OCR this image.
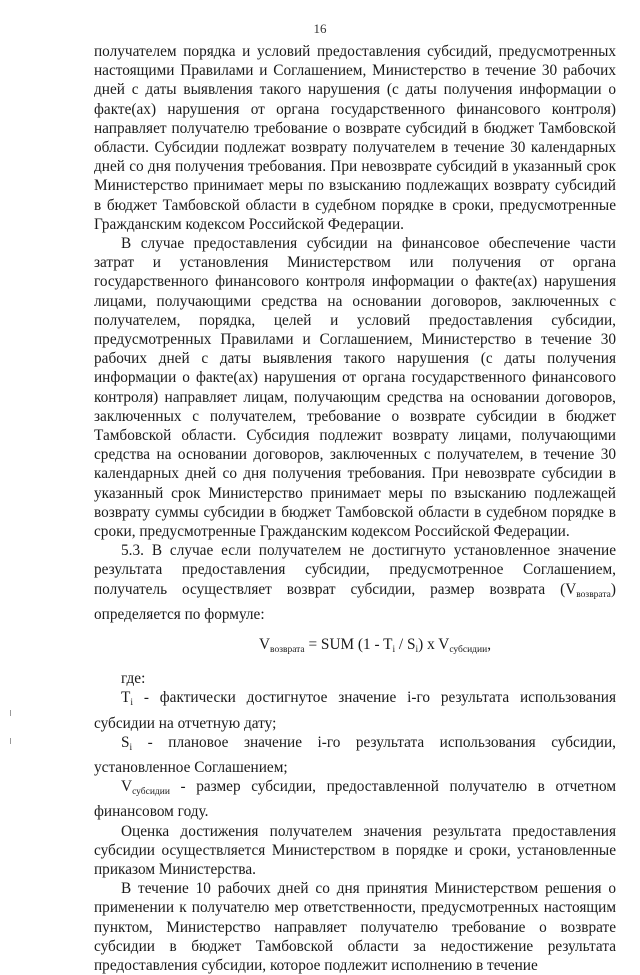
16

получателем порядка и условий предоставления субсидий, предусмотренных настоящими Правилами и Соглашением, Министерство в течение 30 рабочих дней с даты выявления такого нарушения (с даты получения информации о факте(ах) нарушения от органа государственного финансового контроля) направляет получателю требование о возврате субсидий в бюджет Тамбовской области. Субсидии подлежат возврату получателем в течение 30 календарных дней со дня получения требования. При невозврате субсидий в указанный срок Министерство принимает меры по взысканию подлежащих возврату субсидий в бюджет Тамбовской области в судебном порядке в сроки, предусмотренные Гражданским кодексом Российской Федерации.

В случае предоставления субсидии на финансовое обеспечение части затрат и установления Министерством или получения от органа государственного финансового контроля информации о факте(ах) нарушения лицами, получающими средства на основании договоров, заключенных с получателем, порядка, целей и условий предоставления субсидии, предусмотренных Правилами и Соглашением, Министерство в течение 30 рабочих дней с даты выявления такого нарушения (с даты получения информации о факте(ах) нарушения от органа государственного финансового контроля) направляет лицам, получающим средства на основании договоров, заключенных с получателем, требование о возврате субсидии в бюджет Тамбовской области. Субсидия подлежит возврату лицами, получающими средства на основании договоров, заключенных с получателем, в течение 30 календарных дней со дня получения требования. При невозврате субсидии в указанный срок Министерство принимает меры по взысканию подлежащей возврату суммы субсидии в бюджет Тамбовской области в судебном порядке в сроки, предусмотренные Гражданским кодексом Российской Федерации.

5.3. В случае если получателем не достигнуто установленное значение результата предоставления субсидии, предусмотренное Соглашением, получатель осуществляет возврат субсидии, размер возврата $(V_{возврата})$ определяется по формуле:

$V_{возврата}$ = SUM $(1 - T_i / S_i)$ x $V_{субсидии}$,

где:

$T_i$ - фактически достигнутое значение i-го результата использования субсидии на отчетную дату;

$S_i$ - плановое значение i-го результата использования субсидии, установленное Соглашением;

$V_{субсидии}$ - размер субсидии, предоставленной получателю в отчетном финансовом году.

Оценка достижения получателем значения результата предоставления субсидии осуществляется Министерством в порядке и сроки, установленные приказом Министерства.

В течение 10 рабочих дней со дня принятия Министерством решения о применении к получателю мер ответственности, предусмотренных настоящим пунктом, Министерство направляет получателю требование о возврате субсидии в бюджет Тамбовской области за недостижение результата предоставления субсидии, которое подлежит исполнению в течение
